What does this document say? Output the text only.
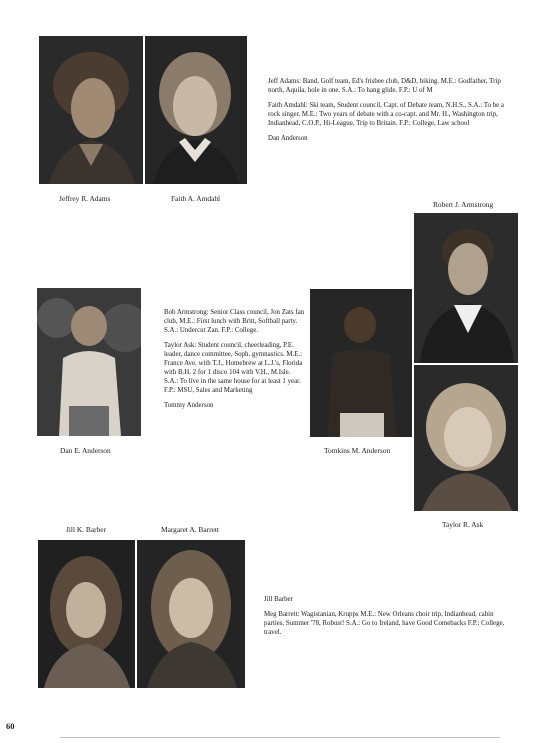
Jeff Adams: Band, Golf team, Ed's frisbee club, D&D, biking. M.E.: Godfather, Trip north, Aquila, hole in one. S.A.: To hang glide. F.P.: U of M

Faith Amdahl: Ski team, Student council, Capt. of Debate team, N.H.S., S.A.: To be a rock singer. M.E.: Two years of debate with a co-capt. and Mr. H., Washington trip, Indianhead, C.O.P., Hi-League, Trip to Britain. F.P.: College, Law school

Dan Anderson

Jeffrey R. Adams	Faith A. Amdahl
Robert J. Armstrong

Bob Armstrong: Senior Class council, Jon Zats fan club, M.E.: First lunch with Britt, Softball party. S.A.: Undercut Zan. F.P.: College.

Taylor Ask: Student council, cheerleading, P.E. leader, dance committee, Soph. gymnastics. M.E.: France Ave. with T.J., Homebrew at L.J.'s, Florida with B.H. 2 for 1 disco 104 with V.H., M.Isle. S.A.: To live in the same house for at least 1 year. F.P.: MSU, Sales and Marketing

Tommy Anderson

Dan E. Anderson	Tomkins M. Anderson
Taylor R. Ask
Jill K. Barber	Margaret A. Barrett

Jill Barber

Meg Barrett: Wagistanian, Krupps M.E.: New Orleans choir trip, Indianhead, cabin parties, Summer '78, Robust! S.A.: Go to Ireland, have Good Comebacks F.P.: College, travel.

60
